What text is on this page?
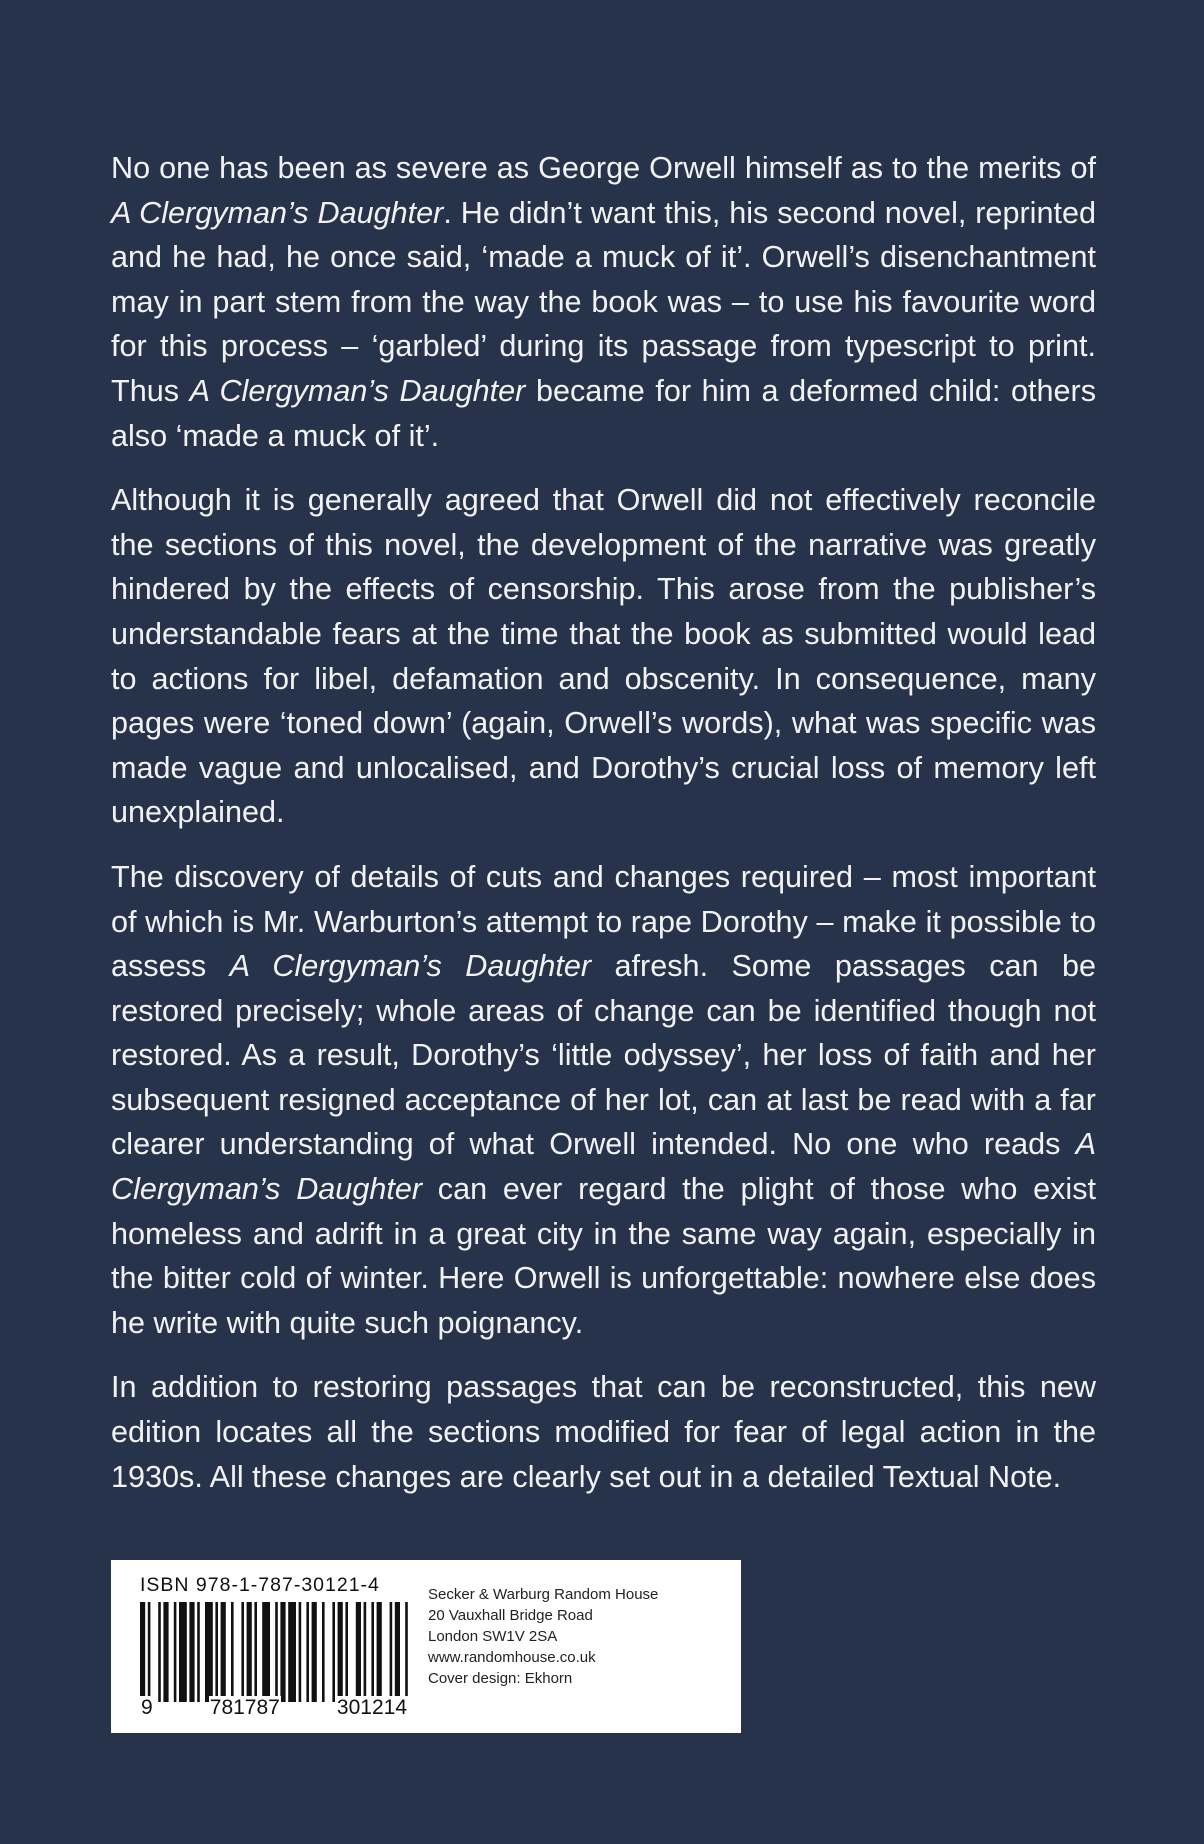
No one has been as severe as George Orwell himself as to the merits of A Clergyman’s Daughter. He didn’t want this, his second novel, reprinted and he had, he once said, ‘made a muck of it’. Orwell’s disenchantment may in part stem from the way the book was – to use his favourite word for this process – ‘garbled’ during its passage from typescript to print. Thus A Clergyman’s Daughter became for him a deformed child: others also ‘made a muck of it’.

Although it is generally agreed that Orwell did not effectively reconcile the sections of this novel, the development of the narrative was greatly hindered by the effects of censorship. This arose from the publisher’s understandable fears at the time that the book as submitted would lead to actions for libel, defamation and obscenity. In consequence, many pages were ‘toned down’ (again, Orwell’s words), what was specific was made vague and unlocalised, and Dorothy’s crucial loss of memory left unexplained.

The discovery of details of cuts and changes required – most important of which is Mr. Warburton’s attempt to rape Dorothy – make it possible to assess A Clergyman’s Daughter afresh. Some passages can be restored precisely; whole areas of change can be identified though not restored. As a result, Dorothy’s ‘little odyssey’, her loss of faith and her subsequent resigned acceptance of her lot, can at last be read with a far clearer understanding of what Orwell intended. No one who reads A Clergyman’s Daughter can ever regard the plight of those who exist homeless and adrift in a great city in the same way again, especially in the bitter cold of winter. Here Orwell is unforgettable: nowhere else does he write with quite such poignancy.

In addition to restoring passages that can be reconstructed, this new edition locates all the sections modified for fear of legal action in the 1930s. All these changes are clearly set out in a detailed Textual Note.

ISBN 978-1-787-30121-4
9	781787	301214
Secker & Warburg Random House
20 Vauxhall Bridge Road
London SW1V 2SA
www.randomhouse.co.uk
Cover design: Ekhorn
